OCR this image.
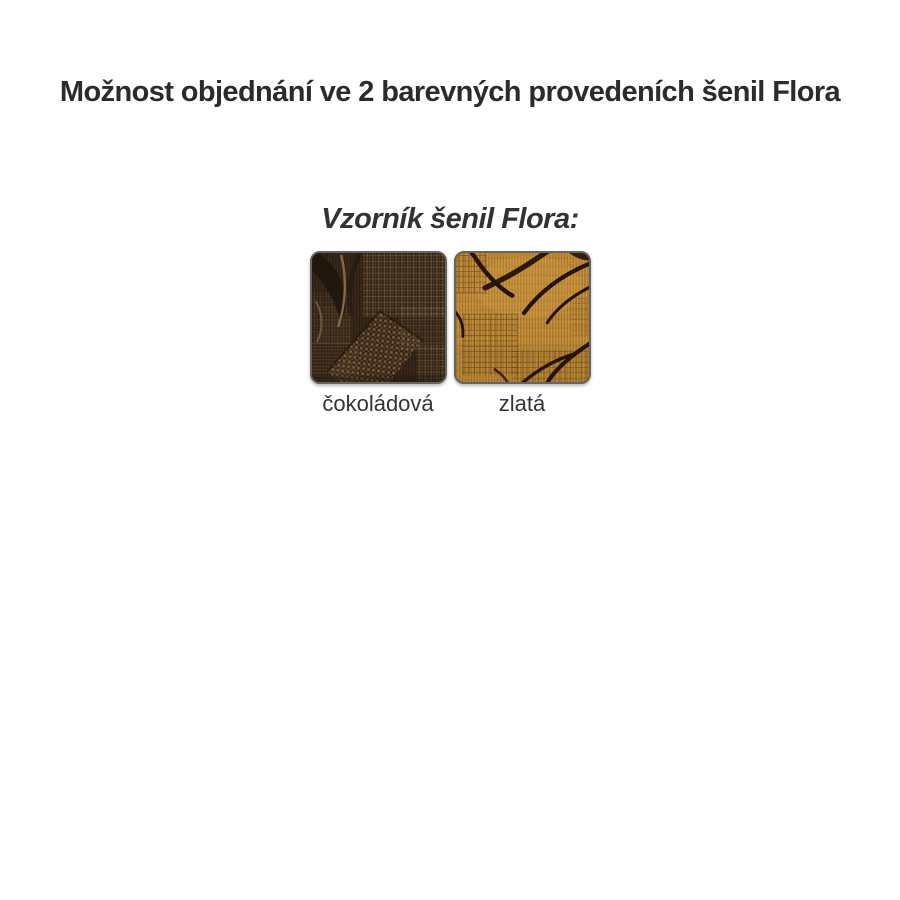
Možnost objednání ve 2 barevných provedeních šenil Flora
Vzorník šenil Flora:
čokoládová	zlatá
